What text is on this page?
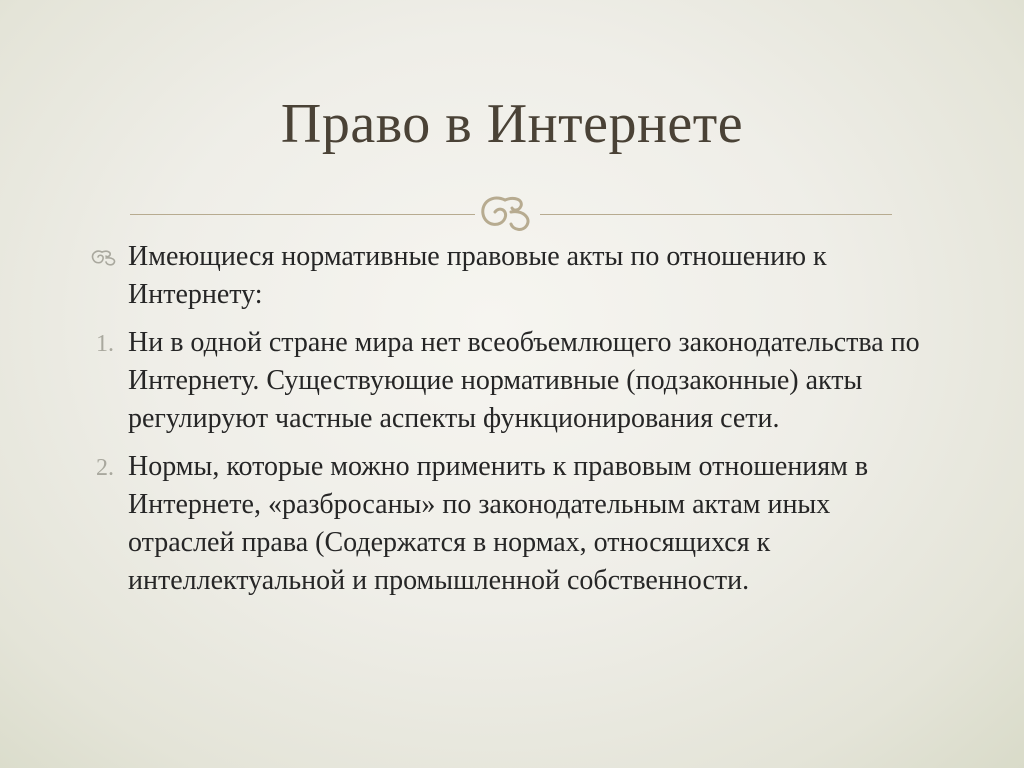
Право в Интернете
Имеющиеся нормативные правовые акты по отношению к Интернету:
1. Ни в одной стране мира нет всеобъемлющего законодательства по Интернету. Существующие нормативные (подзаконные) акты регулируют частные аспекты функционирования сети.
2. Нормы, которые можно применить к правовым отношениям в Интернете, «разбросаны» по законодательным актам иных отраслей права (Содержатся в нормах, относящихся к интеллектуальной и промышленной собственности.
